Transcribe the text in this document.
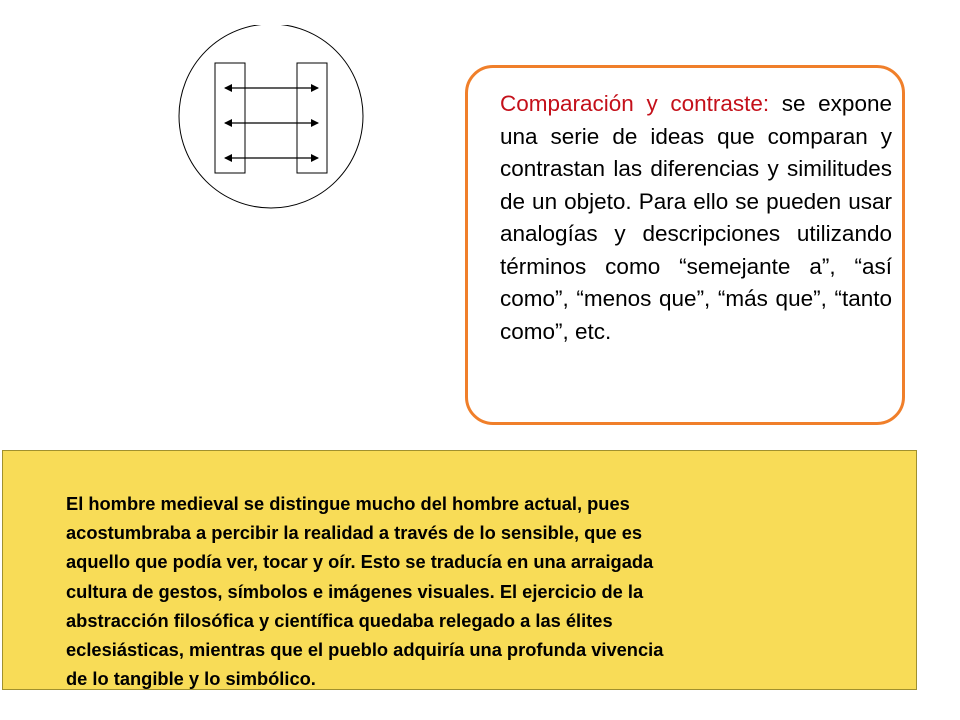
Comparación y contraste: se expone una serie de ideas que comparan y contrastan las diferencias y similitudes de un objeto. Para ello se pueden usar analogías y descripciones utilizando términos como “semejante a”, “así como”, “menos que”, “más que”, “tanto como”, etc.

El hombre medieval se distingue mucho del hombre actual, pues
acostumbraba a percibir la realidad a través de lo sensible, que es
aquello que podía ver, tocar y oír. Esto se traducía en una arraigada
cultura de gestos, símbolos e imágenes visuales. El ejercicio de la
abstracción filosófica y científica quedaba relegado a las élites
eclesiásticas, mientras que el pueblo adquiría una profunda vivencia
de lo tangible y lo simbólico.
